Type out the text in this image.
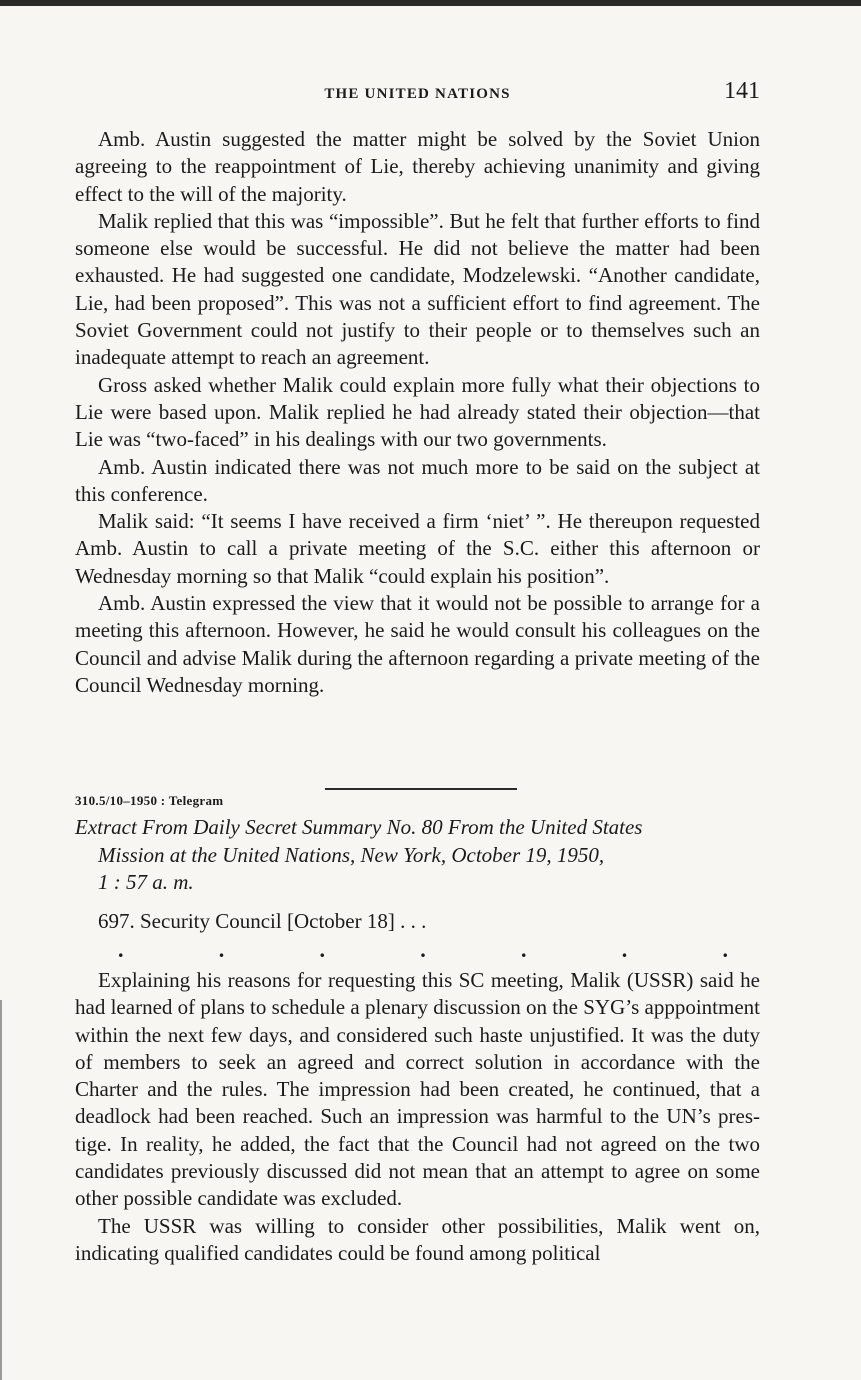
THE UNITED NATIONS	141

Amb. Austin suggested the matter might be solved by the Soviet Union agreeing to the reappointment of Lie, thereby achieving unanimity and giving effect to the will of the majority.

Malik replied that this was “impossible”. But he felt that further efforts to find someone else would be successful. He did not believe the matter had been exhausted. He had suggested one candidate, Modzelewski. “Another candidate, Lie, had been proposed”. This was not a sufficient effort to find agreement. The Soviet Government could not justify to their people or to themselves such an inadequate attempt to reach an agreement.

Gross asked whether Malik could explain more fully what their objections to Lie were based upon. Malik replied he had already stated their objection—that Lie was “two-faced” in his dealings with our two governments.

Amb. Austin indicated there was not much more to be said on the subject at this conference.

Malik said: “It seems I have received a firm ‘niet’ ”. He thereupon requested Amb. Austin to call a private meeting of the S.C. either this afternoon or Wednesday morning so that Malik “could explain his position”.

Amb. Austin expressed the view that it would not be possible to arrange for a meeting this afternoon. However, he said he would consult his colleagues on the Council and advise Malik during the afternoon regarding a private meeting of the Council Wednesday morning.

310.5/10–1950 : Telegram
Extract From Daily Secret Summary No. 80 From the United States
Mission at the United Nations, New York, October 19, 1950,
1 : 57 a. m.
697. Security Council [October 18] . . .
.	.	.	.	.	.	.

Explaining his reasons for requesting this SC meeting, Malik (USSR) said he had learned of plans to schedule a plenary discussion on the SYG’s apppointment within the next few days, and considered such haste unjustified. It was the duty of members to seek an agreed and correct solution in accordance with the Charter and the rules. The impression had been created, he continued, that a deadlock had been reached. Such an impression was harmful to the UN’s prestige. In reality, he added, the fact that the Council had not agreed on the two candidates previously discussed did not mean that an attempt to agree on some other possible candidate was excluded.

The USSR was willing to consider other possibilities, Malik went on, indicating qualified candidates could be found among political
